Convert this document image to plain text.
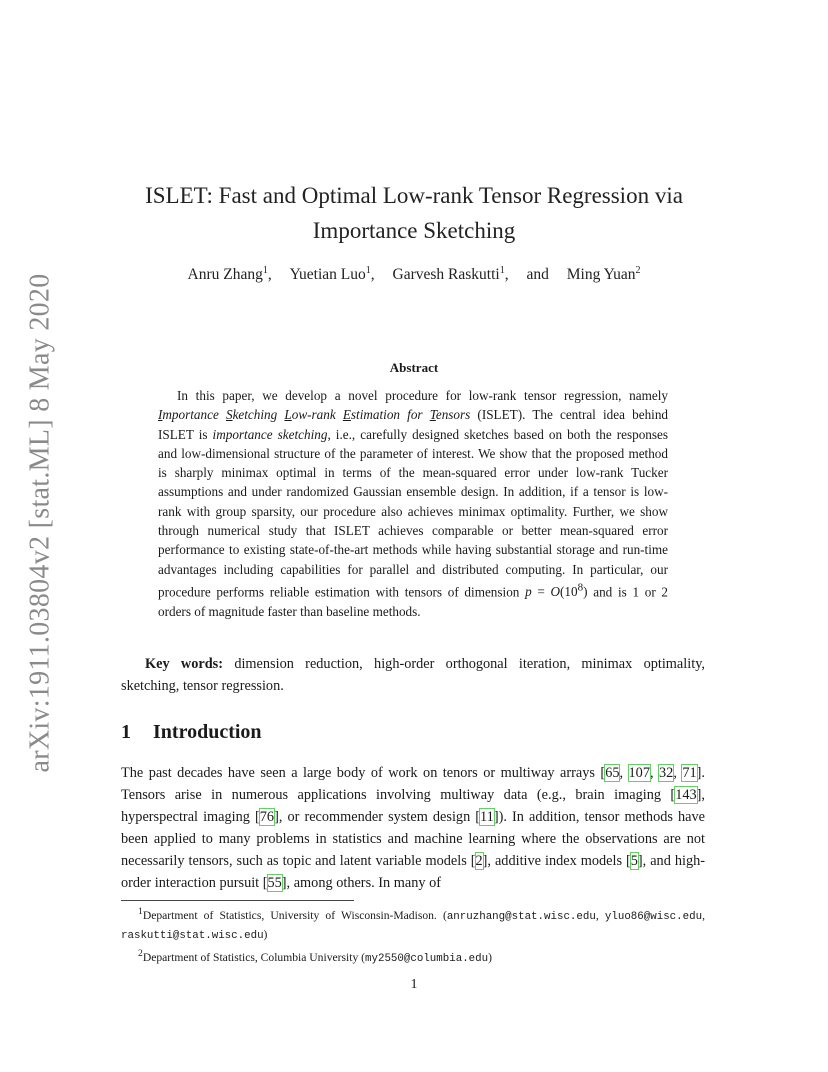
arXiv:1911.03804v2 [stat.ML] 8 May 2020
ISLET: Fast and Optimal Low-rank Tensor Regression via
Importance Sketching
Anru Zhang$^1$, Yuetian Luo$^1$, Garvesh Raskutti$^1$, and Ming Yuan$^2$
Abstract

In this paper, we develop a novel procedure for low-rank tensor regression, namely Importance Sketching Low-rank Estimation for Tensors (ISLET). The central idea behind ISLET is importance sketching, i.e., carefully designed sketches based on both the responses and low-dimensional structure of the parameter of interest. We show that the proposed method is sharply minimax optimal in terms of the mean-squared error under low-rank Tucker assumptions and under randomized Gaussian ensemble design. In addition, if a tensor is low-rank with group sparsity, our procedure also achieves minimax optimality. Further, we show through numerical study that ISLET achieves comparable or better mean-squared error performance to existing state-of-the-art methods while having substantial storage and run-time advantages including capabilities for parallel and distributed computing. In particular, our procedure performs reliable estimation with tensors of dimension $p = O(10^8)$ and is 1 or 2 orders of magnitude faster than baseline methods.

Key words: dimension reduction, high-order orthogonal iteration, minimax optimality, sketching, tensor regression.

1 Introduction

The past decades have seen a large body of work on tenors or multiway arrays [65, 107, 32, 71]. Tensors arise in numerous applications involving multiway data (e.g., brain imaging [143], hyperspectral imaging [76], or recommender system design [11]). In addition, tensor methods have been applied to many problems in statistics and machine learning where the observations are not necessarily tensors, such as topic and latent variable models [2], additive index models [5], and high-order interaction pursuit [55], among others. In many of

$^1$Department of Statistics, University of Wisconsin-Madison. (anruzhang@stat.wisc.edu, yluo86@wisc.edu, raskutti@stat.wisc.edu)

$^2$Department of Statistics, Columbia University (my2550@columbia.edu)

1
